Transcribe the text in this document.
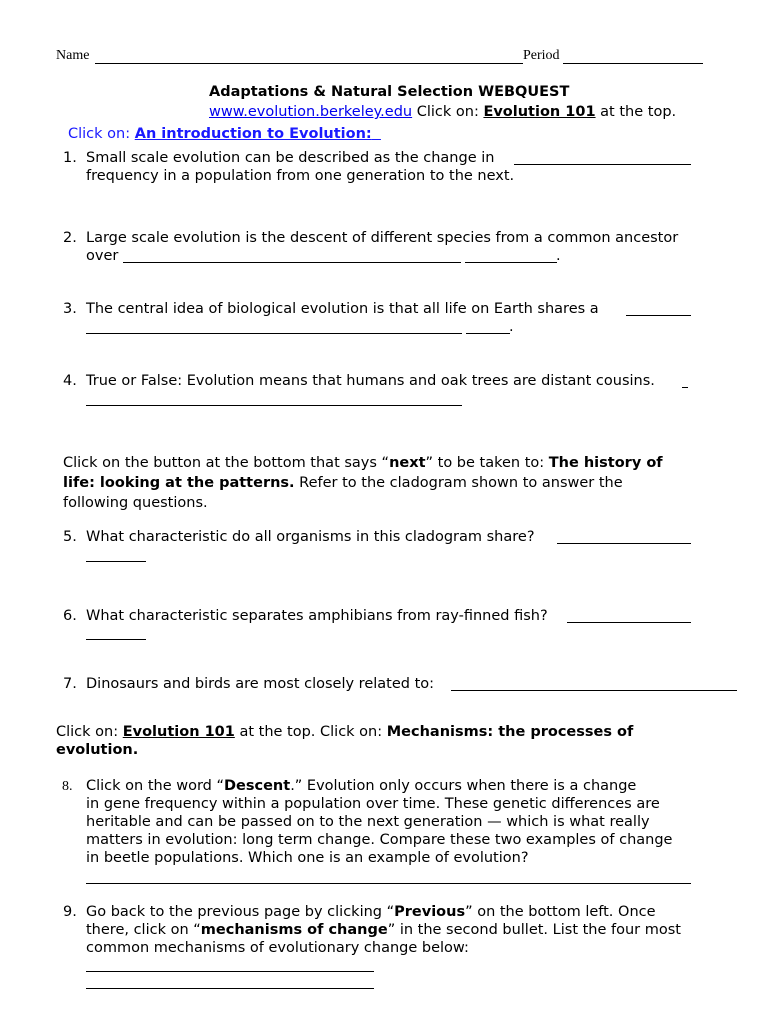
Name	Period
Adaptations & Natural Selection WEBQUEST
www.evolution.berkeley.edu Click on: Evolution 101 at the top.
Click on: An introduction to Evolution:
1. Small scale evolution can be described as the change in
frequency in a population from one generation to the next.
2. Large scale evolution is the descent of different species from a common ancestor
over	.
3. The central idea of biological evolution is that all life on Earth shares a
.
4. True or False: Evolution means that humans and oak trees are distant cousins.
Click on the button at the bottom that says “next” to be taken to: The history of
life: looking at the patterns. Refer to the cladogram shown to answer the
following questions.
5. What characteristic do all organisms in this cladogram share?
6. What characteristic separates amphibians from ray-finned fish?
7. Dinosaurs and birds are most closely related to:
Click on: Evolution 101 at the top. Click on: Mechanisms: the processes of
evolution.
8. Click on the word “Descent.” Evolution only occurs when there is a change
in gene frequency within a population over time. These genetic differences are
heritable and can be passed on to the next generation — which is what really
matters in evolution: long term change. Compare these two examples of change
in beetle populations. Which one is an example of evolution?
9. Go back to the previous page by clicking “Previous” on the bottom left. Once
there, click on “mechanisms of change” in the second bullet. List the four most
common mechanisms of evolutionary change below:
